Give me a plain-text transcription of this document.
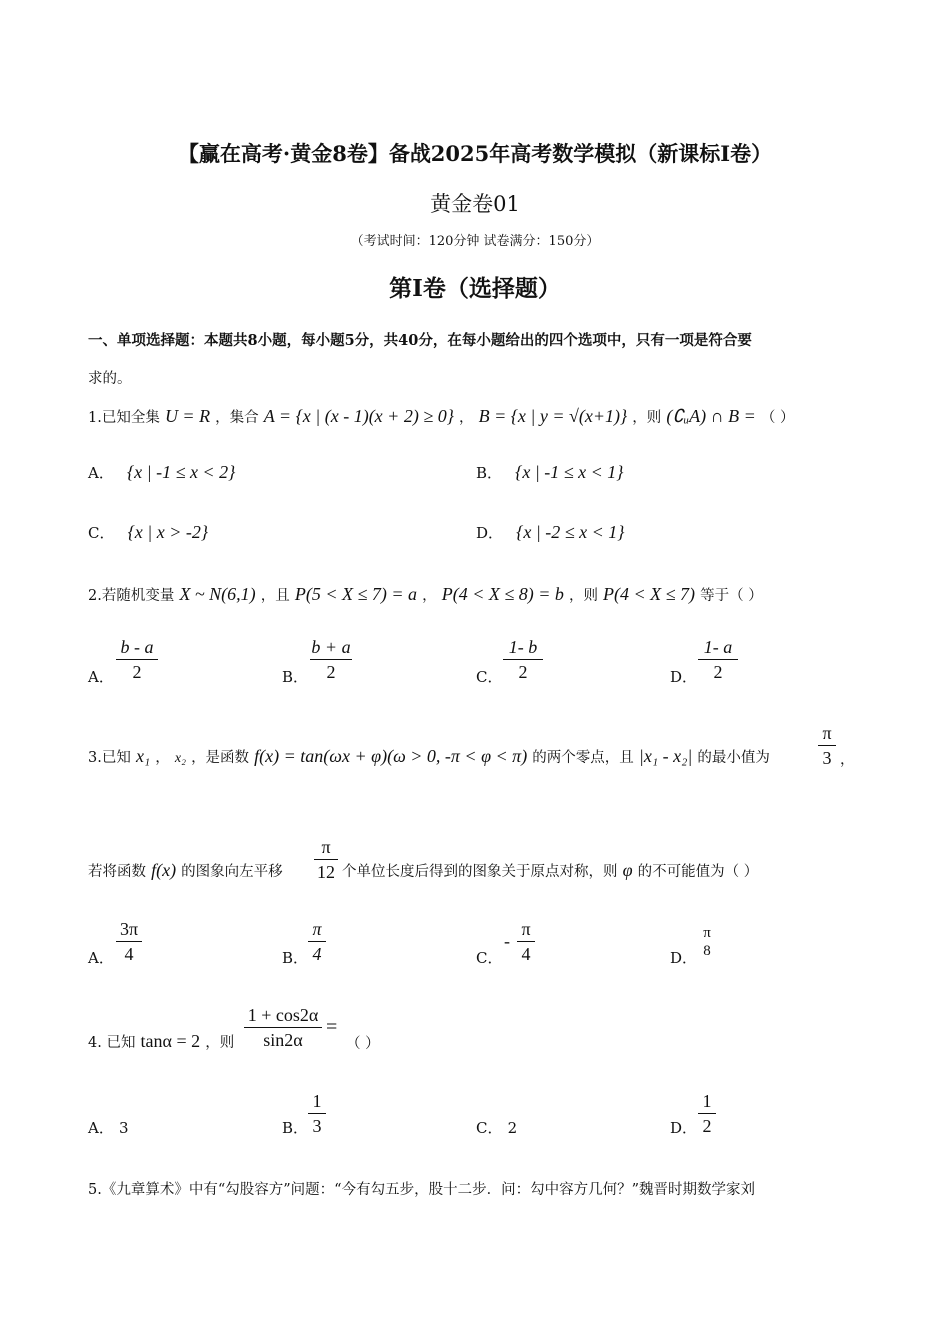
【赢在高考·黄金8卷】备战2025年高考数学模拟（新课标I卷）
黄金卷01
（考试时间：120分钟 试卷满分：150分）
第I卷（选择题）
一、单项选择题：本题共8小题，每小题5分，共40分，在每小题给出的四个选项中，只有一项是符合要
求的。
1.已知全集 U = R ，集合 A = {x | (x - 1)(x + 2) ≥ 0} ， B = {x | y = √(x+1)} ，则 (∁ᵤA) ∩ B = （ ）
A． {x | -1 ≤ x < 2}	B． {x | -1 ≤ x < 1}
C． {x | x > -2}	D． {x | -2 ≤ x < 1}
2.若随机变量 X ~ N(6,1) ，且 P(5 < X ≤ 7) = a ， P(4 < X ≤ 8) = b ，则 P(4 < X ≤ 7) 等于（ ）
A．
b - a
2	B．
b + a
2	C．
1- b
2	D．
1- a
2
3.已知 x₁ ， x₂ ，是函数 f(x) = tan(ωx + φ)(ω > 0, -π < φ < π) 的两个零点，且 |x₁ - x₂| 的最小值为
π
3 ，
若将函数 f(x) 的图象向左平移
π
12 个单位长度后得到的图象关于原点对称，则 φ 的不可能值为（ ）
A．
3π
4	B．
π
4	C．
-
π
4	D．
π
8
4. 已知 tanα = 2 ，则
1 + cos2α
sin2α
=
（ ）
A． 3	B．
1
3	C． 2	D．
1
2
5.《九章算术》中有“勾股容方”问题：“今有勾五步，股十二步．问：勾中容方几何？”魏晋时期数学家刘
